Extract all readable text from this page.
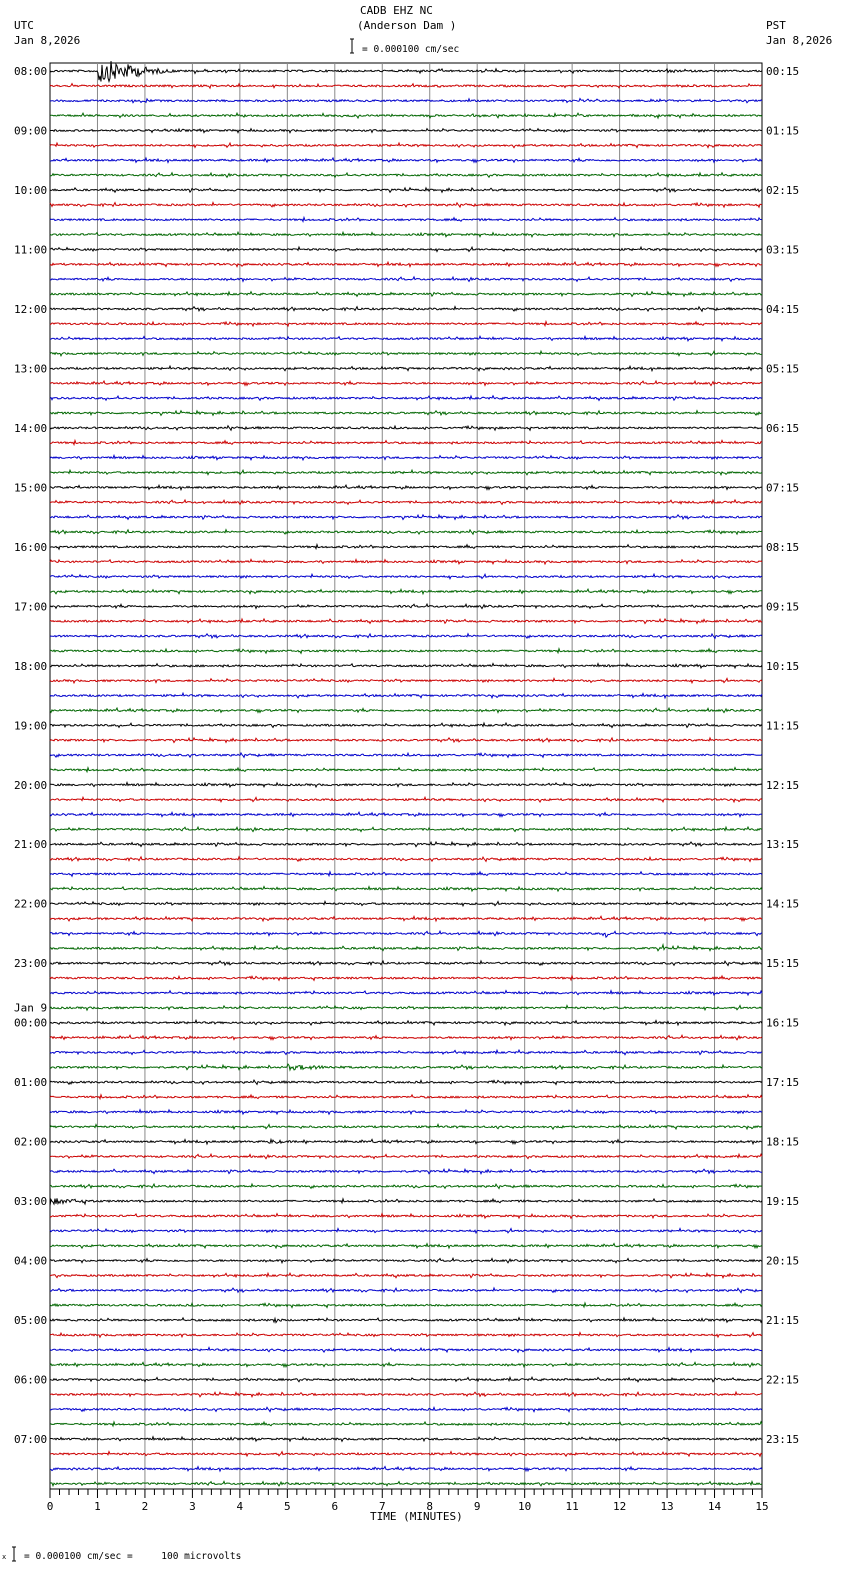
CADB EHZ NC
(Anderson Dam )
UTC
Jan 8,2026
PST
Jan 8,2026
= 0.000100 cm/sec
08:00
09:00
10:00
11:00
12:00
13:00
14:00
15:00
16:00
17:00
18:00
19:00
20:00
21:00
22:00
23:00
00:00
Jan 9
01:00
02:00
03:00
04:00
05:00
06:00
07:00
00:15
01:15
02:15
03:15
04:15
05:15
06:15
07:15
08:15
09:15
10:15
11:15
12:15
13:15
14:15
15:15
16:15
17:15
18:15
19:15
20:15
21:15
22:15
23:15
0	1	2	3	4	5	6	7	8	9	10	11	12	13	14	15
TIME (MINUTES)
x = 0.000100 cm/sec =     100 microvolts
